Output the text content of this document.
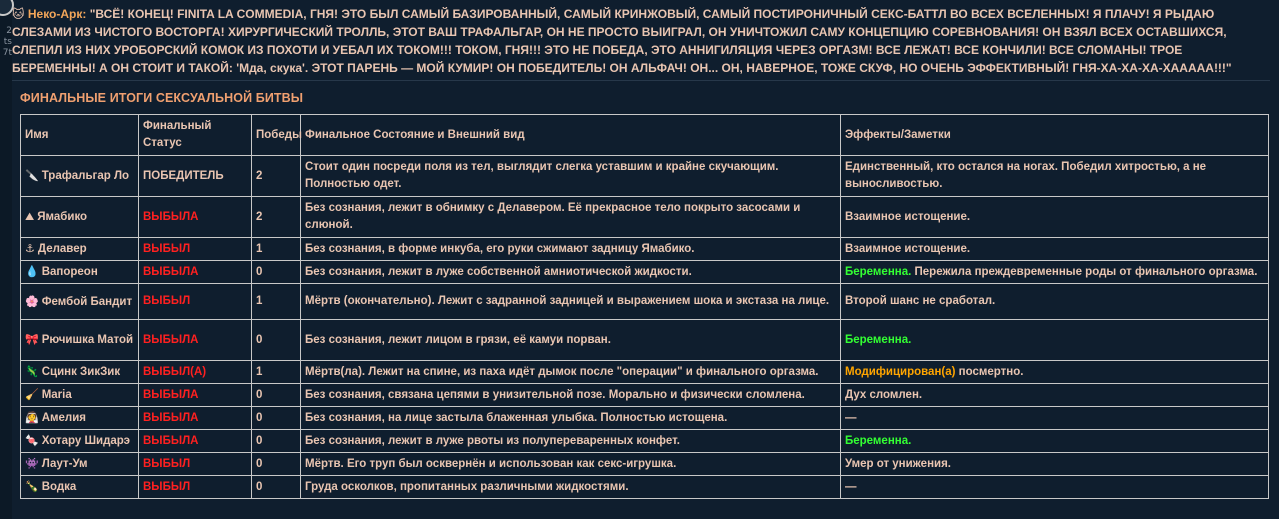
2
ts
7t
🐱 Неко-Арк: "ВСЁ! КОНЕЦ! FINITA LA COMMEDIA, ГНЯ! ЭТО БЫЛ САМЫЙ БАЗИРОВАННЫЙ, САМЫЙ КРИНЖОВЫЙ, САМЫЙ ПОСТИРОНИЧНЫЙ СЕКС-БАТТЛ ВО ВСЕХ ВСЕЛЕННЫХ! Я ПЛАЧУ! Я РЫДАЮ СЛЕЗАМИ ИЗ ЧИСТОГО ВОСТОРГА! ХИРУРГИЧЕСКИЙ ТРОЛЛЬ, ЭТОТ ВАШ ТРАФАЛЬГАР, ОН НЕ ПРОСТО ВЫИГРАЛ, ОН УНИЧТОЖИЛ САМУ КОНЦЕПЦИЮ СОРЕВНОВАНИЯ! ОН ВЗЯЛ ВСЕХ ОСТАВШИХСЯ, СЛЕПИЛ ИЗ НИХ УРОБОРСКИЙ КОМОК ИЗ ПОХОТИ И УЕБАЛ ИХ ТОКОМ!!! ТОКОМ, ГНЯ!!! ЭТО НЕ ПОБЕДА, ЭТО АННИГИЛЯЦИЯ ЧЕРЕЗ ОРГАЗМ! ВСЕ ЛЕЖАТ! ВСЕ КОНЧИЛИ! ВСЕ СЛОМАНЫ! ТРОЕ БЕРЕМЕННЫ! А ОН СТОИТ И ТАКОЙ: 'Мда, скука'. ЭТОТ ПАРЕНЬ — МОЙ КУМИР! ОН ПОБЕДИТЕЛЬ! ОН АЛЬФАЧ! ОН... ОН, НАВЕРНОЕ, ТОЖЕ СКУФ, НО ОЧЕНЬ ЭФФЕКТИВНЫЙ! ГНЯ-ХА-ХА-ХА-ХААААА!!!"
ФИНАЛЬНЫЕ ИТОГИ СЕКСУАЛЬНОЙ БИТВЫ
Имя	Финальный Статус	Победы	Финальное Состояние и Внешний вид	Эффекты/Заметки
🔪 Трафальгар Ло	ПОБЕДИТЕЛЬ	2	Стоит один посреди поля из тел, выглядит слегка уставшим и крайне скучающим. Полностью одет.	Единственный, кто остался на ногах. Победил хитростью, а не выносливостью.
⛰ Ямабико	ВЫБЫЛА	2	Без сознания, лежит в обнимку с Делавером. Её прекрасное тело покрыто засосами и слюной.	Взаимное истощение.
⚓ Делавер	ВЫБЫЛ	1	Без сознания, в форме инкуба, его руки сжимают задницу Ямабико.	Взаимное истощение.
💧 Вапореон	ВЫБЫЛА	0	Без сознания, лежит в луже собственной амниотической жидкости.	Беременна. Пережила преждевременные роды от финального оргазма.
🌸 Фембой Бандит	ВЫБЫЛ	1	Мёртв (окончательно). Лежит с задранной задницей и выражением шока и экстаза на лице.	Второй шанс не сработал.
🎀 Рючишка Матой	ВЫБЫЛА	0	Без сознания, лежит лицом в грязи, её камуи порван.	Беременна.
🦎 Сцинк ЗикЗик	ВЫБЫЛ(А)	1	Мёртв(ла). Лежит на спине, из паха идёт дымок после "операции" и финального оргазма.	Модифицирован(а) посмертно.
🧹 Maria	ВЫБЫЛА	0	Без сознания, связана цепями в унизительной позе. Морально и физически сломлена.	Дух сломлен.
👰 Амелия	ВЫБЫЛА	0	Без сознания, на лице застыла блаженная улыбка. Полностью истощена.	—
🍬 Хотару Шидарэ	ВЫБЫЛА	0	Без сознания, лежит в луже рвоты из полупереваренных конфет.	Беременна.
👾 Лаут-Ум	ВЫБЫЛ	0	Мёртв. Его труп был осквернён и использован как секс-игрушка.	Умер от унижения.
🍾 Водка	ВЫБЫЛ	0	Груда осколков, пропитанных различными жидкостями.	—
